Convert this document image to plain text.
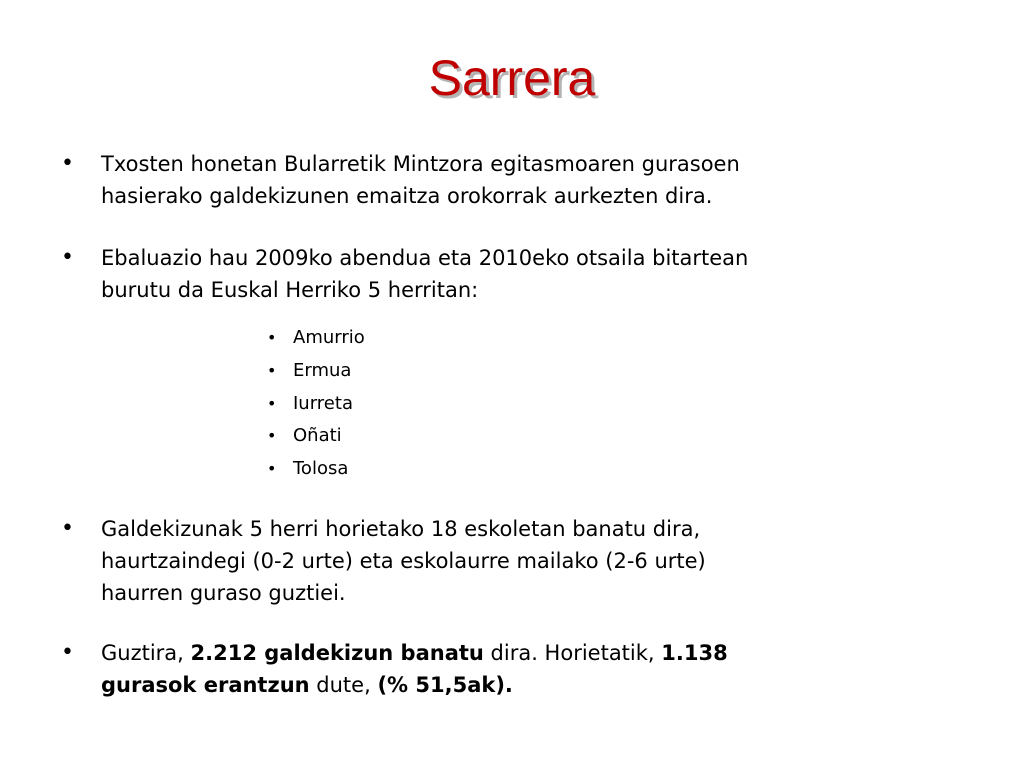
Sarrera
• Txosten honetan Bularretik Mintzora egitasmoaren gurasoen
hasierako galdekizunen emaitza orokorrak aurkezten dira.
• Ebaluazio hau 2009ko abendua eta 2010eko otsaila bitartean
burutu da Euskal Herriko 5 herritan:
• Amurrio
• Ermua
• Iurreta
• Oñati
• Tolosa
• Galdekizunak 5 herri horietako 18 eskoletan banatu dira,
haurtzaindegi (0-2 urte) eta eskolaurre mailako (2-6 urte)
haurren guraso guztiei.
• Guztira, 2.212 galdekizun banatu dira. Horietatik, 1.138
gurasok erantzun dute, (% 51,5ak).
